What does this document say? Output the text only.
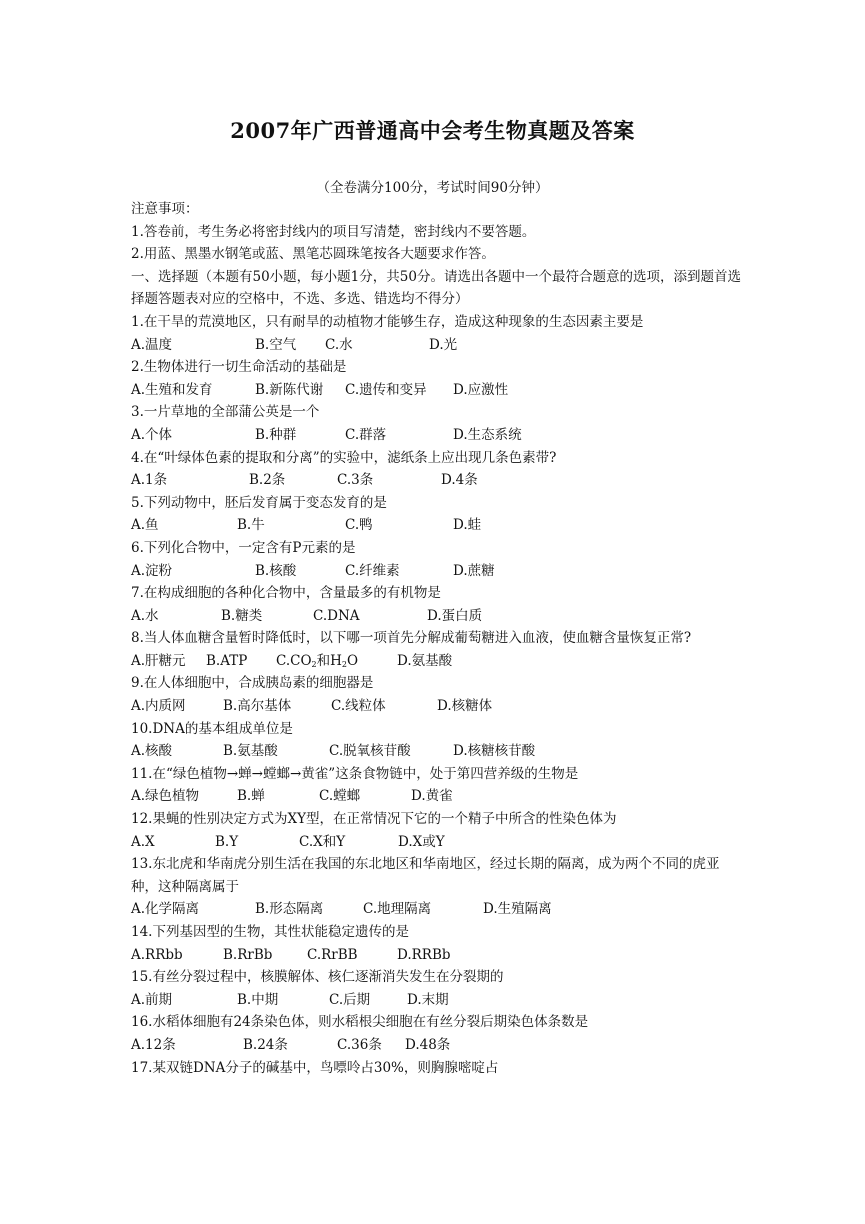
2007年广西普通高中会考生物真题及答案
（全卷满分100分，考试时间90分钟）
注意事项：
1.答卷前，考生务必将密封线内的项目写清楚，密封线内不要答题。
2.用蓝、黑墨水钢笔或蓝、黑笔芯圆珠笔按各大题要求作答。
一、选择题（本题有50小题，每小题1分，共50分。请选出各题中一个最符合题意的选项，添到题首选择题答题表对应的空格中，不选、多选、错选均不得分）
1.在干旱的荒漠地区，只有耐旱的动植物才能够生存，造成这种现象的生态因素主要是
A.温度	B.空气	C.水	D.光
2.生物体进行一切生命活动的基础是
A.生殖和发育	B.新陈代谢	C.遗传和变异	D.应激性
3.一片草地的全部蒲公英是一个
A.个体	B.种群	C.群落	D.生态系统
4.在“叶绿体色素的提取和分离”的实验中，滤纸条上应出现几条色素带?
A.1条	B.2条	C.3条	D.4条
5.下列动物中，胚后发育属于变态发育的是
A.鱼	B.牛	C.鸭	D.蛙
6.下列化合物中，一定含有P元素的是
A.淀粉	B.核酸	C.纤维素	D.蔗糖
7.在构成细胞的各种化合物中，含量最多的有机物是
A.水	B.糖类	C.DNA	D.蛋白质
8.当人体血糖含量暂时降低时，以下哪一项首先分解成葡萄糖进入血液，使血糖含量恢复正常?
A.肝糖元	B.ATP	$C.CO_2$和$H_2O$	D.氨基酸
9.在人体细胞中，合成胰岛素的细胞器是
A.内质网	B.高尔基体	C.线粒体	D.核糖体
10.DNA的基本组成单位是
A.核酸	B.氨基酸	C.脱氧核苷酸	D.核糖核苷酸
11.在“绿色植物→蝉→螳螂→黄雀”这条食物链中，处于第四营养级的生物是
A.绿色植物	B.蝉	C.螳螂	D.黄雀
12.果蝇的性别决定方式为XY型，在正常情况下它的一个精子中所含的性染色体为
A.X	B.Y	C.X和Y	D.X或Y
13.东北虎和华南虎分别生活在我国的东北地区和华南地区，经过长期的隔离，成为两个不同的虎亚种，这种隔离属于
A.化学隔离	B.形态隔离	C.地理隔离	D.生殖隔离
14.下列基因型的生物，其性状能稳定遗传的是
A.RRbb	B.RrBb	C.RrBB	D.RRBb
15.有丝分裂过程中，核膜解体、核仁逐渐消失发生在分裂期的
A.前期	B.中期	C.后期	D.末期
16.水稻体细胞有24条染色体，则水稻根尖细胞在有丝分裂后期染色体条数是
A.12条	B.24条	C.36条	D.48条
17.某双链DNA分子的碱基中，鸟嘌呤占30%，则胸腺嘧啶占
